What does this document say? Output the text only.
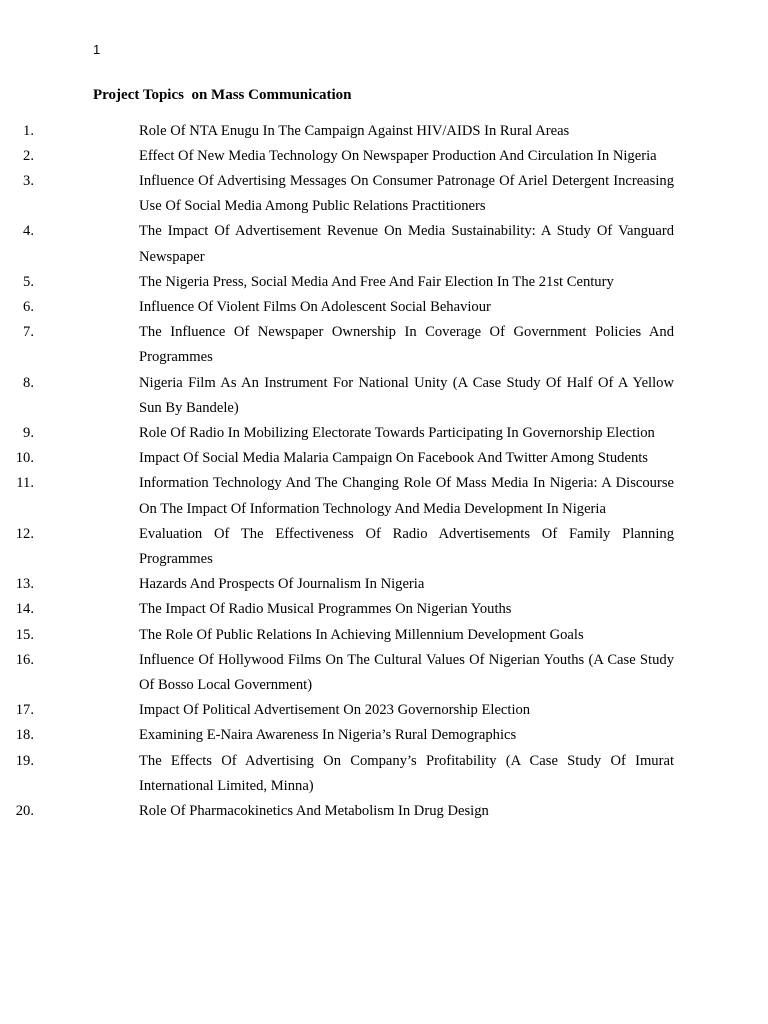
1
Project Topics  on Mass Communication
1.	Role Of NTA Enugu In The Campaign Against HIV/AIDS In Rural Areas
2.	Effect Of New Media Technology On Newspaper Production And Circulation In Nigeria
3.	Influence Of Advertising Messages On Consumer Patronage Of Ariel Detergent Increasing Use Of Social Media Among Public Relations Practitioners
4.	The Impact Of Advertisement Revenue On Media Sustainability: A Study Of Vanguard Newspaper
5.	The Nigeria Press, Social Media And Free And Fair Election In The 21st Century
6.	Influence Of Violent Films On Adolescent Social Behaviour
7.	The Influence Of Newspaper Ownership In Coverage Of Government Policies And Programmes
8.	Nigeria Film As An Instrument For National Unity (A Case Study Of Half Of A Yellow Sun By Bandele)
9.	Role Of Radio In Mobilizing Electorate Towards Participating In Governorship Election
10.	Impact Of Social Media Malaria Campaign On Facebook And Twitter Among Students
11.	Information Technology And The Changing Role Of Mass Media In Nigeria: A Discourse On The Impact Of Information Technology And Media Development In Nigeria
12.	Evaluation Of The Effectiveness Of Radio Advertisements Of Family Planning Programmes
13.	Hazards And Prospects Of Journalism In Nigeria
14.	The Impact Of Radio Musical Programmes On Nigerian Youths
15.	The Role Of Public Relations In Achieving Millennium Development Goals
16.	Influence Of Hollywood Films On The Cultural Values Of Nigerian Youths (A Case Study Of Bosso Local Government)
17.	Impact Of Political Advertisement On 2023 Governorship Election
18.	Examining E-Naira Awareness In Nigeria’s Rural Demographics
19.	The Effects Of Advertising On Company’s Profitability (A Case Study Of Imurat International Limited, Minna)
20.	Role Of Pharmacokinetics And Metabolism In Drug Design
